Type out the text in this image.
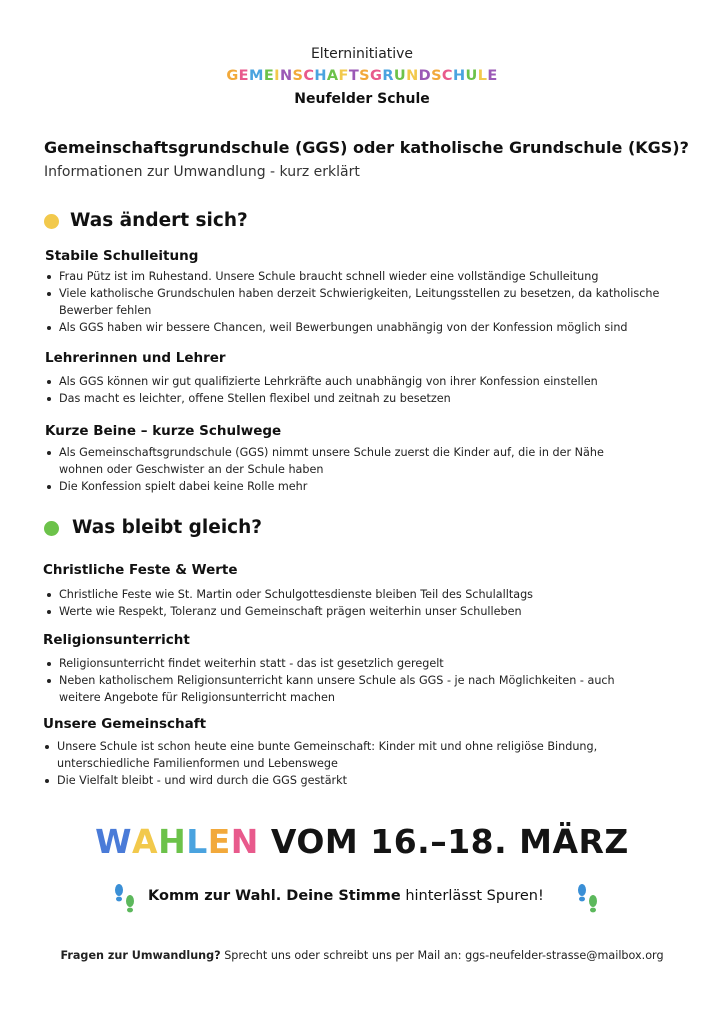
Elterninitiative
GEMEINSCHAFTSGRUNDSCHULE
Neufelder Schule
Gemeinschaftsgrundschule (GGS) oder katholische Grundschule (KGS)?
Informationen zur Umwandlung - kurz erklärt
Was ändert sich?
Stabile Schulleitung
Frau Pütz ist im Ruhestand. Unsere Schule braucht schnell wieder eine vollständige Schulleitung
Viele katholische Grundschulen haben derzeit Schwierigkeiten, Leitungsstellen zu besetzen, da katholische Bewerber fehlen
Als GGS haben wir bessere Chancen, weil Bewerbungen unabhängig von der Konfession möglich sind
Lehrerinnen und Lehrer
Als GGS können wir gut qualifizierte Lehrkräfte auch unabhängig von ihrer Konfession einstellen
Das macht es leichter, offene Stellen flexibel und zeitnah zu besetzen
Kurze Beine – kurze Schulwege
Als Gemeinschaftsgrundschule (GGS) nimmt unsere Schule zuerst die Kinder auf, die in der Nähe wohnen oder Geschwister an der Schule haben
Die Konfession spielt dabei keine Rolle mehr
Was bleibt gleich?
Christliche Feste & Werte
Christliche Feste wie St. Martin oder Schulgottesdienste bleiben Teil des Schulalltags
Werte wie Respekt, Toleranz und Gemeinschaft prägen weiterhin unser Schulleben
Religionsunterricht
Religionsunterricht findet weiterhin statt - das ist gesetzlich geregelt
Neben katholischem Religionsunterricht kann unsere Schule als GGS - je nach Möglichkeiten - auch weitere Angebote für Religionsunterricht machen
Unsere Gemeinschaft
Unsere Schule ist schon heute eine bunte Gemeinschaft: Kinder mit und ohne religiöse Bindung, unterschiedliche Familienformen und Lebenswege
Die Vielfalt bleibt - und wird durch die GGS gestärkt
WAHLEN VOM 16.–18. MÄRZ
Komm zur Wahl. Deine Stimme hinterlässt Spuren!
Fragen zur Umwandlung? Sprecht uns oder schreibt uns per Mail an: ggs-neufelder-strasse@mailbox.org
